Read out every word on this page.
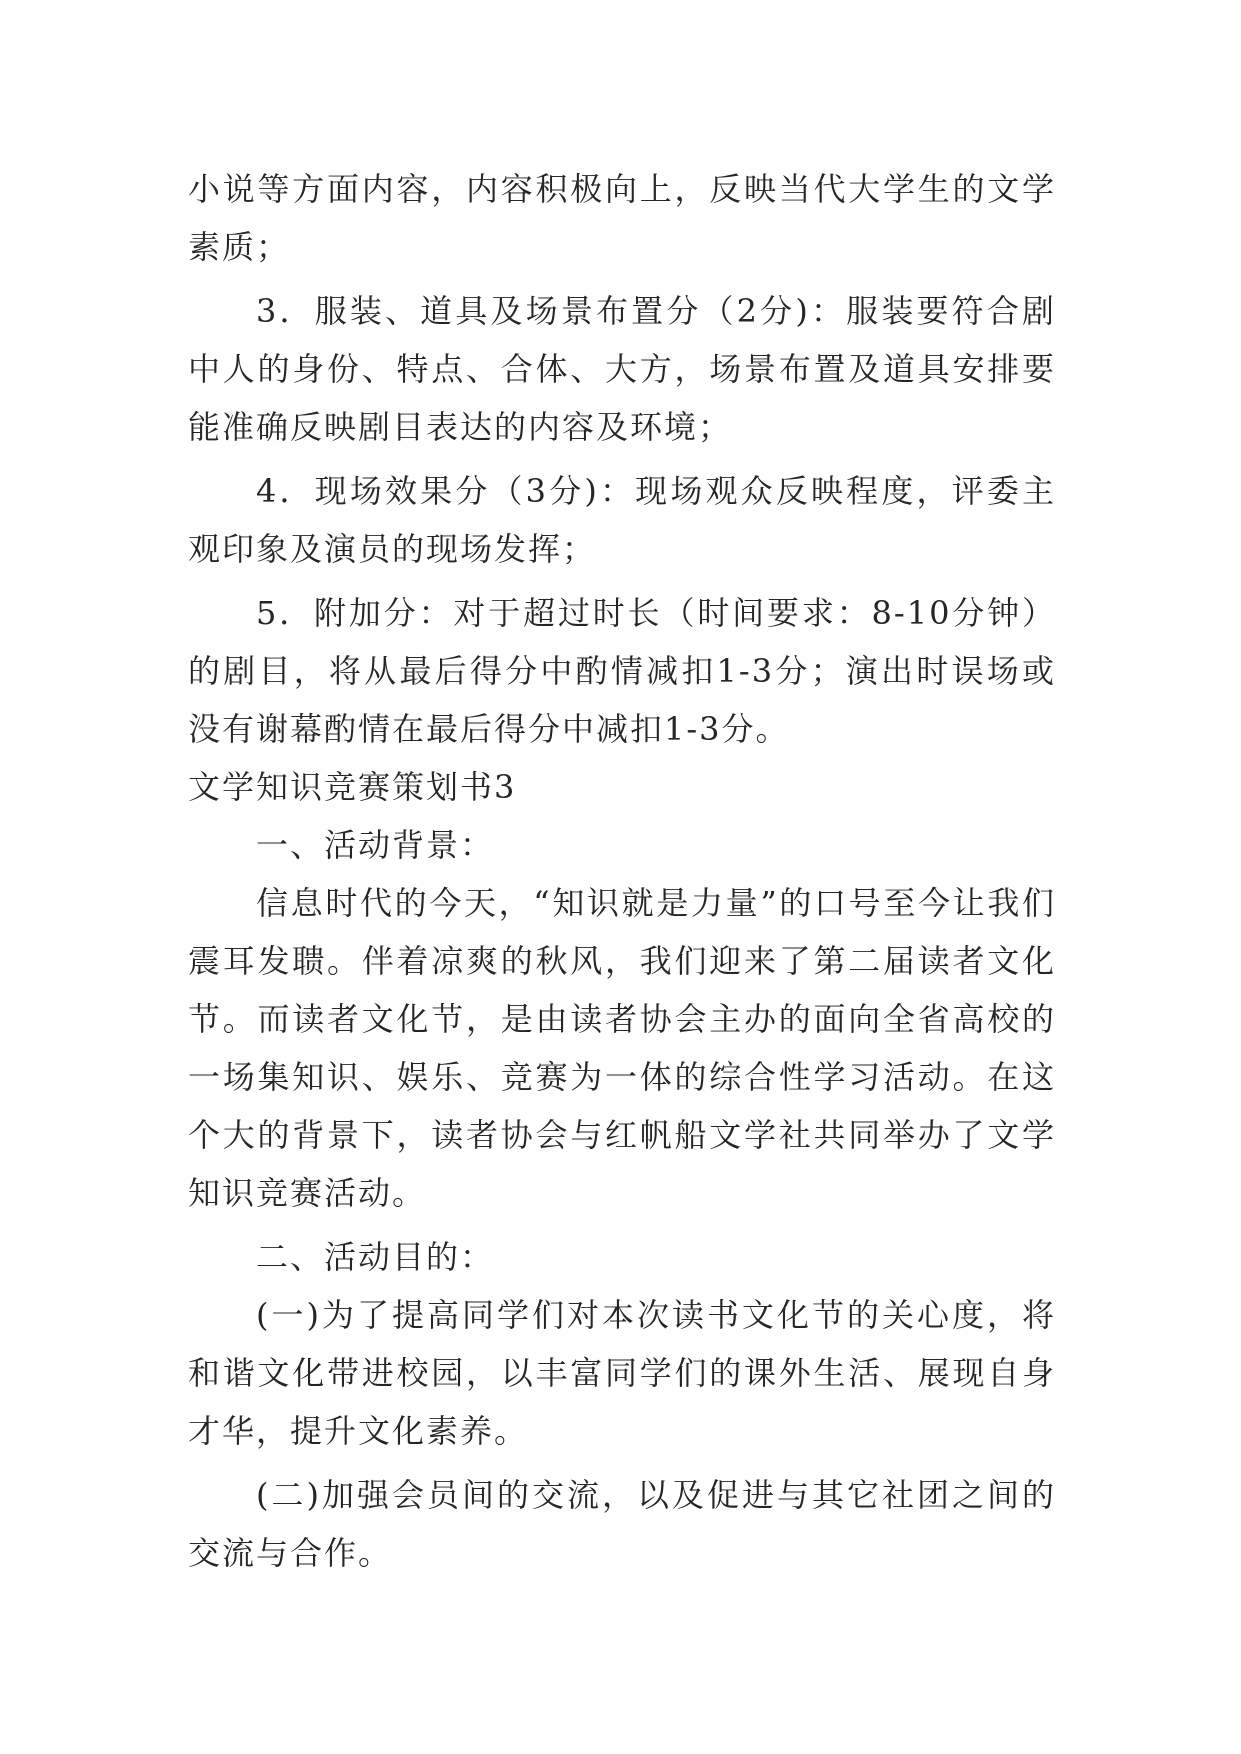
小说等方面内容，内容积极向上，反映当代大学生的文学素质；

3．服装、道具及场景布置分（2分)：服装要符合剧中人的身份、特点、合体、大方，场景布置及道具安排要能准确反映剧目表达的内容及环境；

4．现场效果分（3分)：现场观众反映程度，评委主观印象及演员的现场发挥；

5．附加分：对于超过时长（时间要求：8-10分钟）的剧目，将从最后得分中酌情减扣1-3分；演出时误场或没有谢幕酌情在最后得分中减扣1-3分。

文学知识竞赛策划书3

一、活动背景：

信息时代的今天，“知识就是力量”的口号至今让我们震耳发聩。伴着凉爽的秋风，我们迎来了第二届读者文化节。而读者文化节，是由读者协会主办的面向全省高校的一场集知识、娱乐、竞赛为一体的综合性学习活动。在这个大的背景下，读者协会与红帆船文学社共同举办了文学知识竞赛活动。

二、活动目的：

(一)为了提高同学们对本次读书文化节的关心度，将和谐文化带进校园，以丰富同学们的课外生活、展现自身才华，提升文化素养。

(二)加强会员间的交流，以及促进与其它社团之间的交流与合作。
